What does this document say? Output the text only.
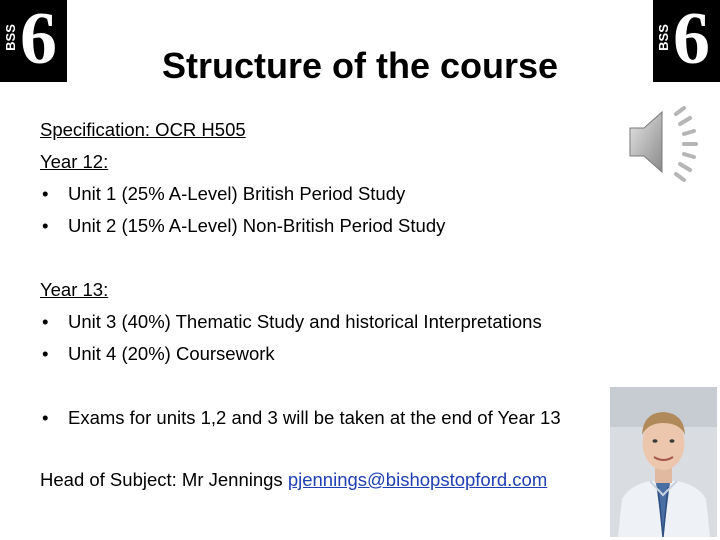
BSS 6	BSS 6
Structure of the course
Specification: OCR H505
Year 12:
• Unit 1 (25% A-Level) British Period Study
• Unit 2 (15% A-Level) Non-British Period Study
Year 13:
• Unit 3 (40%) Thematic Study and historical Interpretations
• Unit 4 (20%) Coursework
• Exams for units 1,2 and 3 will be taken at the end of Year 13
Head of Subject: Mr Jennings pjennings@bishopstopford.com
